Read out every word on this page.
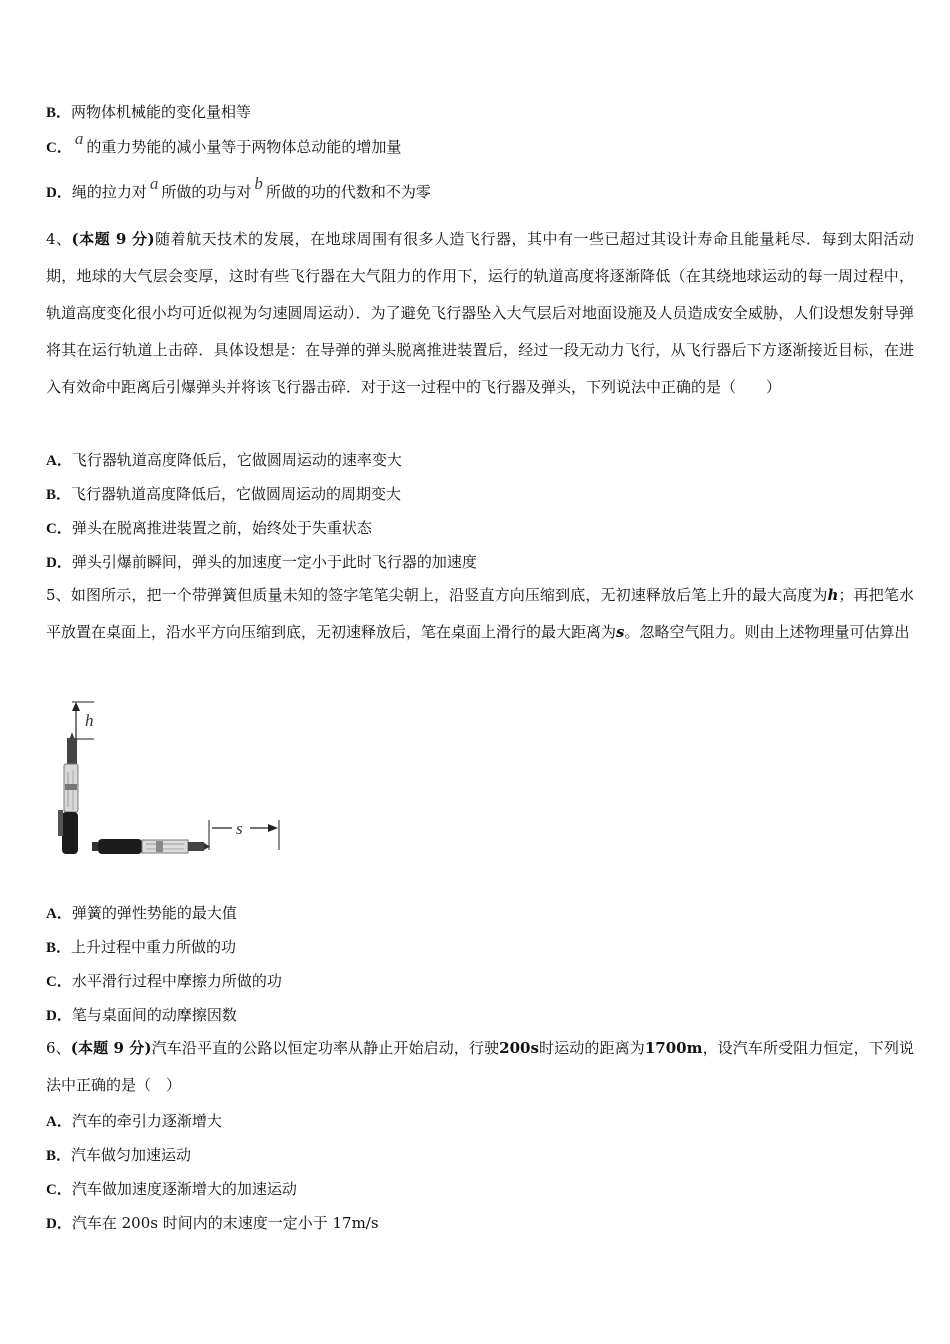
B．两物体机械能的变化量相等
C． a 的重力势能的减小量等于两物体总动能的增加量
D．绳的拉力对 a 所做的功与对 b 所做的功的代数和不为零
4、(本题 9 分)随着航天技术的发展，在地球周围有很多人造飞行器，其中有一些已超过其设计寿命且能量耗尽．每到太阳活动期，地球的大气层会变厚，这时有些飞行器在大气阻力的作用下，运行的轨道高度将逐渐降低（在其绕地球运动的每一周过程中，轨道高度变化很小均可近似视为匀速圆周运动）．为了避免飞行器坠入大气层后对地面设施及人员造成安全威胁，人们设想发射导弹将其在运行轨道上击碎．具体设想是：在导弹的弹头脱离推进装置后，经过一段无动力飞行，从飞行器后下方逐渐接近目标，在进入有效命中距离后引爆弹头并将该飞行器击碎．对于这一过程中的飞行器及弹头，下列说法中正确的是（　　）
A．飞行器轨道高度降低后，它做圆周运动的速率变大
B．飞行器轨道高度降低后，它做圆周运动的周期变大
C．弹头在脱离推进装置之前，始终处于失重状态
D．弹头引爆前瞬间，弹头的加速度一定小于此时飞行器的加速度
5、如图所示，把一个带弹簧但质量未知的签字笔笔尖朝上，沿竖直方向压缩到底，无初速释放后笔上升的最大高度为h；再把笔水平放置在桌面上，沿水平方向压缩到底，无初速释放后，笔在桌面上滑行的最大距离为s。忽略空气阻力。则由上述物理量可估算出
h
s
A．弹簧的弹性势能的最大值
B．上升过程中重力所做的功
C．水平滑行过程中摩擦力所做的功
D．笔与桌面间的动摩擦因数
6、(本题 9 分)汽车沿平直的公路以恒定功率从静止开始启动，行驶200s时运动的距离为1700m，设汽车所受阻力恒定，下列说法中正确的是（　）
A．汽车的牵引力逐渐增大
B．汽车做匀加速运动
C．汽车做加速度逐渐增大的加速运动
D．汽车在 200s 时间内的末速度一定小于 17m/s
